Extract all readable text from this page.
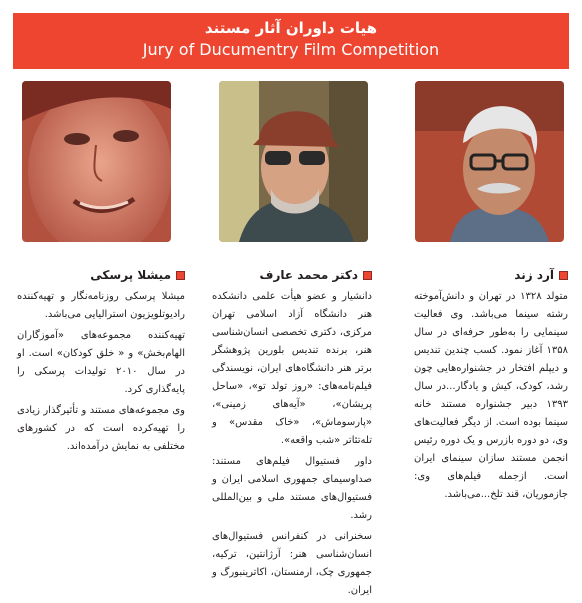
هیات داوران آثار مستند
Jury of Ducumentry Film Competition
آرد زند

متولد ۱۳۲۸ در تهران و دانش‌آموخته رشته سینما می‌باشد. وی فعالیت سینمایی را به‌طور حرفه‌ای در سال ۱۳۵۸ آغاز نمود. کسب چندین تندیس و دیپلم افتخار در جشنواره‌هایی چون رشد، کودک، کیش و یادگار...در سال ۱۳۹۳ دبیر جشنواره مستند خانه سینما بوده است. از دیگر فعالیت‌های وی، دو دوره بازرس و یک دوره رئیس انجمن مستند سازان سینمای ایران است. ازجمله فیلم‌های وی: جازموریان، قند تلخ...می‌باشد.

دکتر محمد عارف

دانشیار و عضو هیأت علمی دانشکده هنر دانشگاه آزاد اسلامی تهران مرکزی، دکتری تخصصی انسان‌شناسی هنر، برنده تندیس بلورین پژوهشگر برتر هنر دانشگاه‌های ایران، نویسندگی فیلم‌نامه‌های: «روز تولد تو»، «ساحل پریشان»، «آیه‌های زمینی»، «پارسوماش»، «خاک مقدس» و تله‌تئاتر «شب واقعه».

داور فستیوال فیلم‌های مستند: صداوسیمای جمهوری اسلامی ایران و فستیوال‌های مستند ملی و بین‌المللی رشد.

سخنرانی در کنفرانس فستیوال‌های انسان‌شناسی هنر: آرژانتین، ترکیه، جمهوری چک، ارمنستان، اکاترینبورگ و ایران.

میشلا پرسکی

میشلا پرسکی روزنامه‌نگار و تهیه‌کننده رادیوتلویزیون استرالیایی می‌باشد.

تهیه‌کننده مجموعه‌های «آموزگاران الهام‌بخش» و « خلق کودکان» است. او در سال ۲۰۱۰ تولیدات پرسکی را پایه‌گذاری کرد.

وی مجموعه‌های مستند و تأثیرگذار زیادی را تهیه‌کرده است که در کشورهای مختلفی به نمایش درآمده‌اند.
